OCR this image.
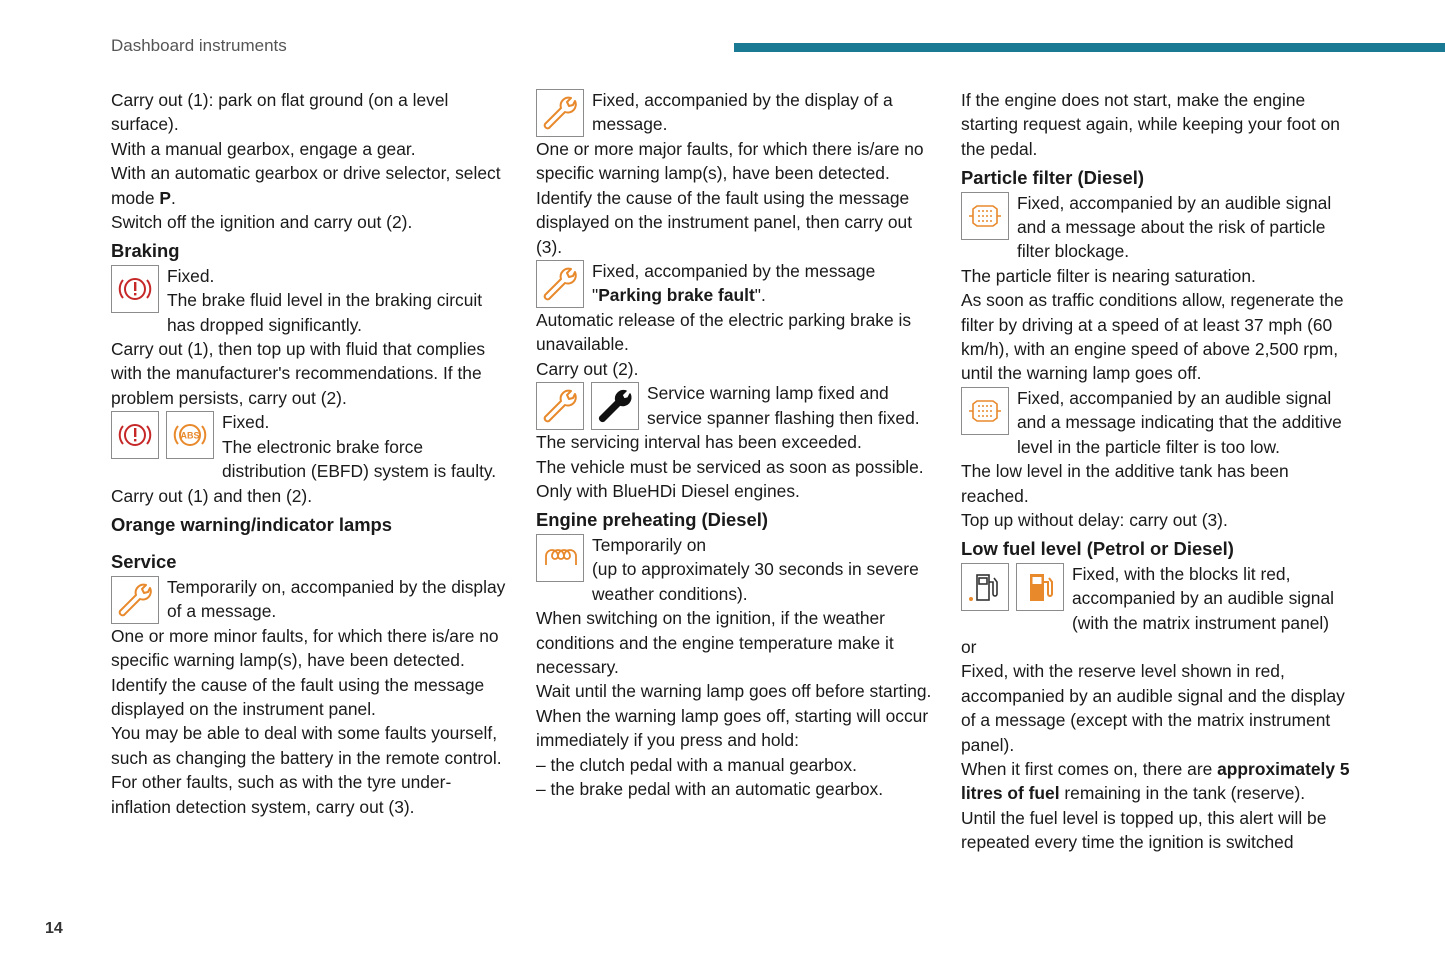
Dashboard instruments

Carry out (1): park on flat ground (on a level surface).

With a manual gearbox, engage a gear.

With an automatic gearbox or drive selector, select mode P.

Switch off the ignition and carry out (2).

Braking

Fixed.

The brake fluid level in the braking circuit has dropped significantly.

Carry out (1), then top up with fluid that complies with the manufacturer's recommendations. If the problem persists, carry out (2).

ABS

Fixed.

The electronic brake force distribution (EBFD) system is faulty.

Carry out (1) and then (2).

Orange warning/indicator lamps
Service

Temporarily on, accompanied by the display of a message.

One or more minor faults, for which there is/are no specific warning lamp(s), have been detected.

Identify the cause of the fault using the message displayed on the instrument panel.

You may be able to deal with some faults yourself, such as changing the battery in the remote control.

For other faults, such as with the tyre under-inflation detection system, carry out (3).

Fixed, accompanied by the display of a message.

One or more major faults, for which there is/are no specific warning lamp(s), have been detected.

Identify the cause of the fault using the message displayed on the instrument panel, then carry out (3).

Fixed, accompanied by the message "Parking brake fault".

Automatic release of the electric parking brake is unavailable.

Carry out (2).

Service warning lamp fixed and service spanner flashing then fixed.

The servicing interval has been exceeded.

The vehicle must be serviced as soon as possible.

Only with BlueHDi Diesel engines.

Engine preheating (Diesel)

Temporarily on

(up to approximately 30 seconds in severe weather conditions).

When switching on the ignition, if the weather conditions and the engine temperature make it necessary.

Wait until the warning lamp goes off before starting.

When the warning lamp goes off, starting will occur immediately if you press and hold:

– the clutch pedal with a manual gearbox.

– the brake pedal with an automatic gearbox.

If the engine does not start, make the engine starting request again, while keeping your foot on the pedal.

Particle filter (Diesel)

Fixed, accompanied by an audible signal and a message about the risk of particle filter blockage.

The particle filter is nearing saturation.

As soon as traffic conditions allow, regenerate the filter by driving at a speed of at least 37 mph (60 km/h), with an engine speed of above 2,500 rpm, until the warning lamp goes off.

Fixed, accompanied by an audible signal and a message indicating that the additive level in the particle filter is too low.

The low level in the additive tank has been reached.

Top up without delay: carry out (3).

Low fuel level (Petrol or Diesel)

Fixed, with the blocks lit red, accompanied by an audible signal (with the matrix instrument panel)

or

Fixed, with the reserve level shown in red, accompanied by an audible signal and the display of a message (except with the matrix instrument panel).

When it first comes on, there are approximately 5 litres of fuel remaining in the tank (reserve).

Until the fuel level is topped up, this alert will be repeated every time the ignition is switched

14
